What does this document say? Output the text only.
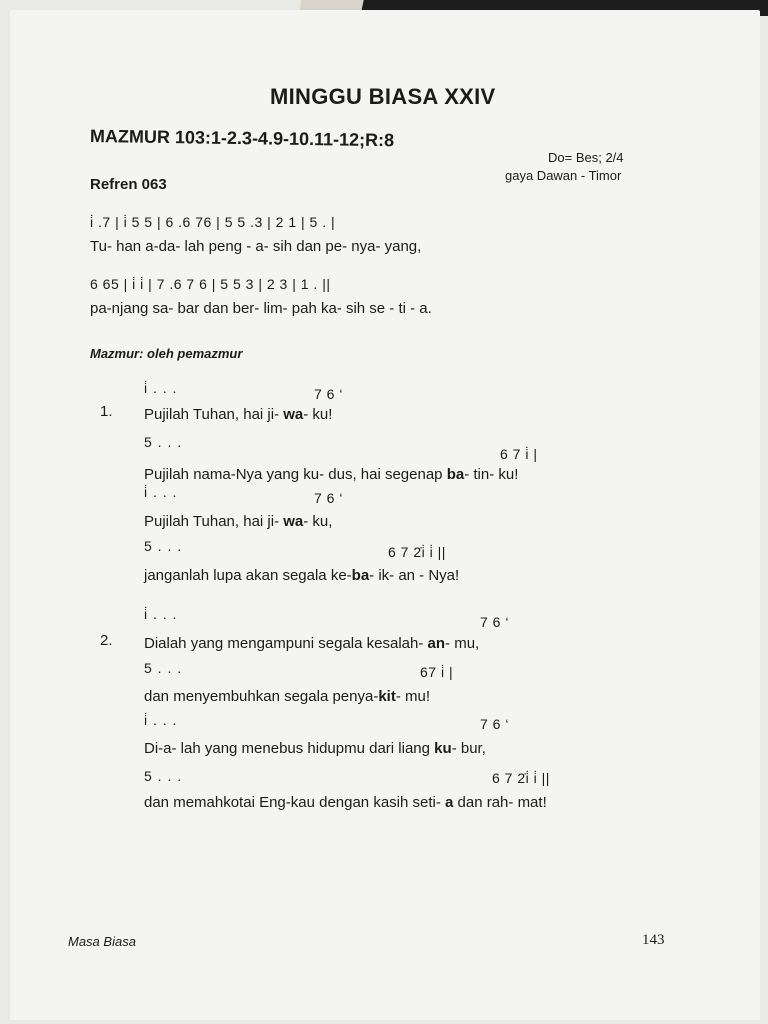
MINGGU BIASA XXIV
MAZMUR 103:1-2.3-4.9-10.11-12;R:8
Do= Bes; 2/4
gaya Dawan - Timor
Refren 063
i̇ .7 | i̇ 5 5 | 6 .6 76 | 5 5 .3 | 2 1 | 5 . |
Tu- han a-da- lah peng - a- sih dan pe- nya- yang,
6 65 | i̇ i̇ | 7 .6 7 6 | 5 5 3 | 2 3 | 1 . ||
pa-njang sa- bar dan ber- lim- pah ka- sih se - ti - a.
Mazmur: oleh pemazmur
1.
i̇ . . .	7 6 ‘
Pujilah Tuhan, hai ji- wa- ku!
5 . . .
6 7 i̇ |
Pujilah nama-Nya yang ku- dus, hai segenap ba- tin- ku!
i̇ . . .	7 6 ‘
Pujilah Tuhan, hai ji- wa- ku,
5 . . .	6 7 2̇i̇ i̇ ||
janganlah lupa akan segala ke-ba- ik- an - Nya!
2.
i̇ . . .	7 6 ‘
Dialah yang mengampuni segala kesalah- an- mu,
5 . . .	67 i̇ |
dan menyembuhkan segala penya-kit- mu!
i̇ . . .	7 6 ‘
Di-a- lah yang menebus hidupmu dari liang ku- bur,
5 . . .	6 7 2̇i̇ i̇ ||
dan memahkotai Eng-kau dengan kasih seti- a dan rah- mat!
Masa Biasa	143
